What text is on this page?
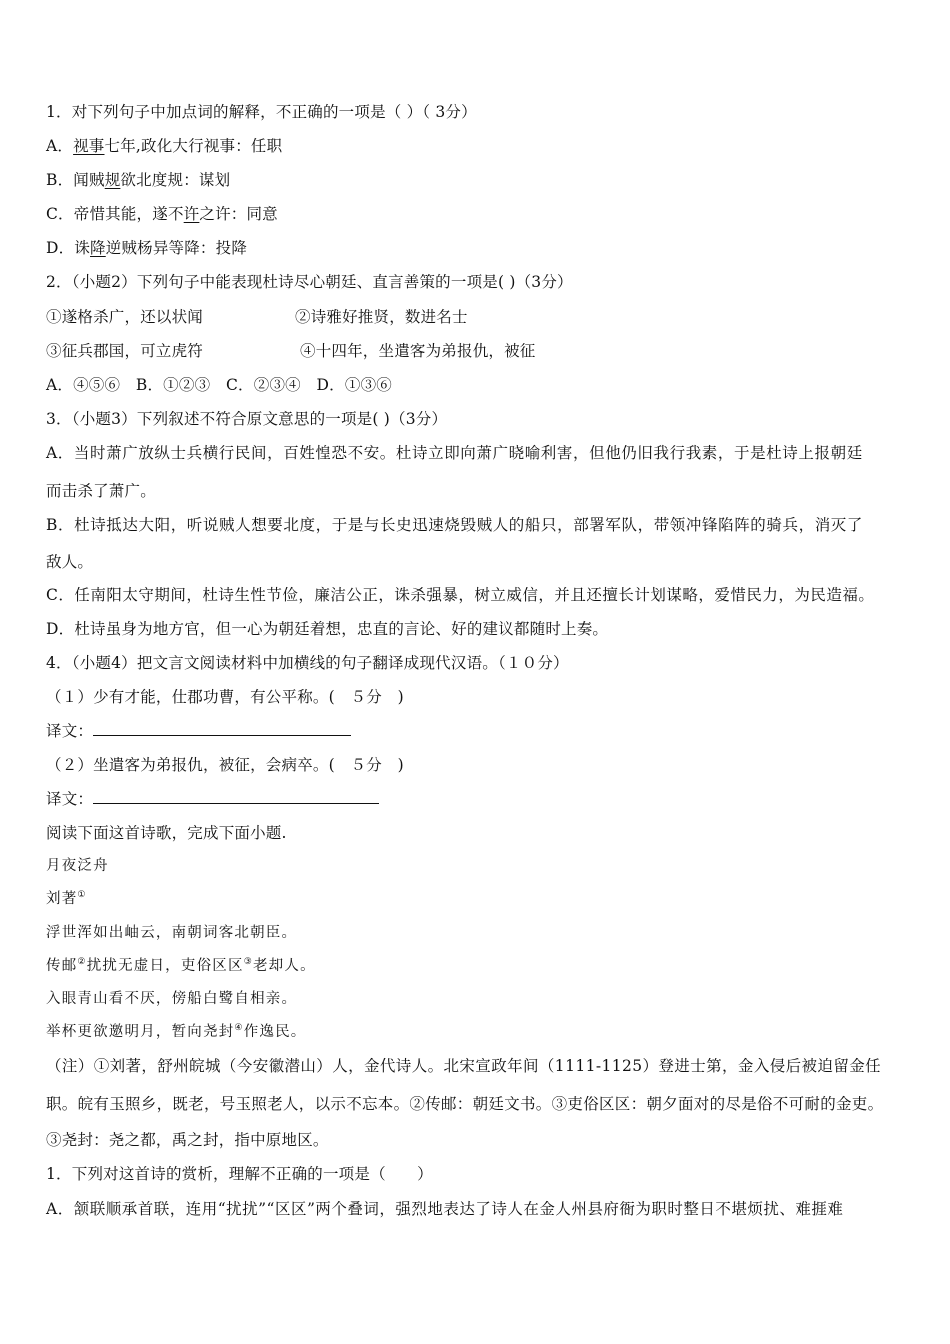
1．对下列句子中加点词的解释，不正确的一项是（ ）（ 3分）
A．视事七年,政化大行视事：任职
B．闻贼规欲北度规：谋划
C．帝惜其能，遂不许之许：同意
D．诛降逆贼杨异等降：投降
2．（小题2）下列句子中能表现杜诗尽心朝廷、直言善策的一项是( )（3分）
①遂格杀广，还以状闻	②诗雅好推贤，数进名士
③征兵郡国，可立虎符	④十四年，坐遣客为弟报仇，被征
A．④⑤⑥　B．①②③　C．②③④　D．①③⑥
3．（小题3）下列叙述不符合原文意思的一项是( )（3分）
A．当时萧广放纵士兵横行民间，百姓惶恐不安。杜诗立即向萧广晓喻利害，但他仍旧我行我素，于是杜诗上报朝廷
而击杀了萧广。
B．杜诗抵达大阳，听说贼人想要北度，于是与长史迅速烧毁贼人的船只，部署军队，带领冲锋陷阵的骑兵，消灭了
敌人。
C．任南阳太守期间，杜诗生性节俭，廉洁公正，诛杀强暴，树立威信，并且还擅长计划谋略，爱惜民力，为民造福。
D．杜诗虽身为地方官，但一心为朝廷着想，忠直的言论、好的建议都随时上奏。
4．（小题4）把文言文阅读材料中加横线的句子翻译成现代汉语。（１０分）
（１）少有才能，仕郡功曹，有公平称。(　５分　)
译文：
（２）坐遣客为弟报仇，被征，会病卒。(　５分　)
译文：
阅读下面这首诗歌，完成下面小题.
月夜泛舟
刘著①
浮世浑如出岫云，南朝词客北朝臣。
传邮②扰扰无虚日，吏俗区区③老却人。
入眼青山看不厌，傍船白鹭自相亲。
举杯更欲邀明月，暂向尧封④作逸民。
（注）①刘著，舒州皖城（今安徽潜山）人，金代诗人。北宋宣政年间（1111-1125）登进士第，金入侵后被迫留金任
职。皖有玉照乡，既老，号玉照老人，以示不忘本。②传邮：朝廷文书。③吏俗区区：朝夕面对的尽是俗不可耐的金吏。
③尧封：尧之都，禹之封，指中原地区。
1．下列对这首诗的赏析，理解不正确的一项是（　　）
A．颔联顺承首联，连用“扰扰”“区区”两个叠词，强烈地表达了诗人在金人州县府衙为职时整日不堪烦扰、难捱难
